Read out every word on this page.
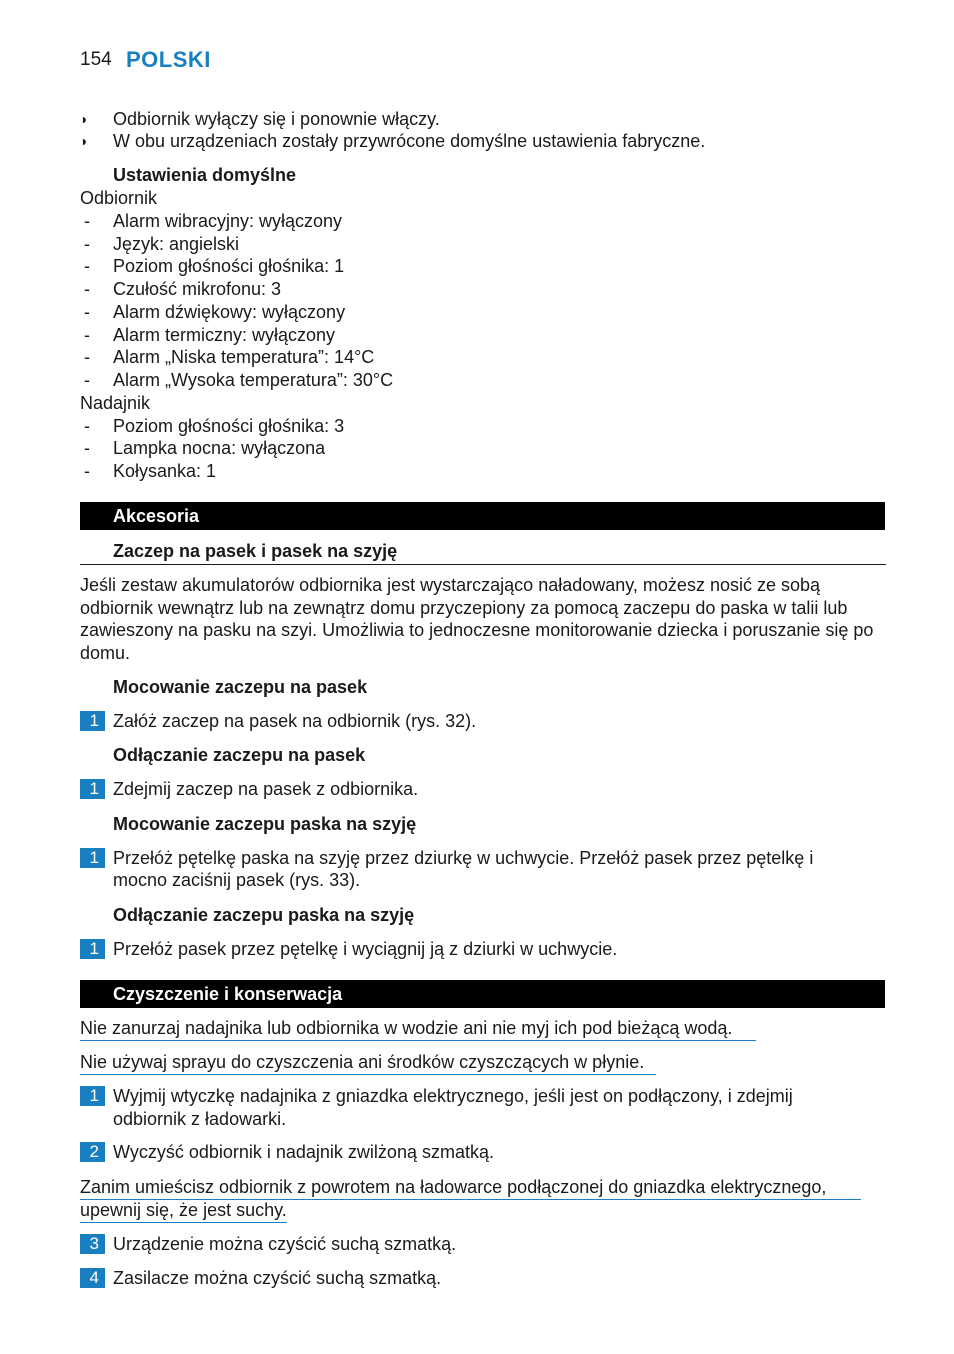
154 POLSKI
◗ Odbiornik wyłączy się i ponownie włączy.
◗ W obu urządzeniach zostały przywrócone domyślne ustawienia fabryczne.
Ustawienia domyślne
Odbiornik
- Alarm wibracyjny: wyłączony
- Język: angielski
- Poziom głośności głośnika: 1
- Czułość mikrofonu: 3
- Alarm dźwiękowy: wyłączony
- Alarm termiczny: wyłączony
- Alarm „Niska temperatura”: 14°C
- Alarm „Wysoka temperatura”: 30°C
Nadajnik
- Poziom głośności głośnika: 3
- Lampka nocna: wyłączona
- Kołysanka: 1
Akcesoria
Zaczep na pasek i pasek na szyję
Jeśli zestaw akumulatorów odbiornika jest wystarczająco naładowany, możesz nosić ze sobą
odbiornik wewnątrz lub na zewnątrz domu przyczepiony za pomocą zaczepu do paska w talii lub
zawieszony na pasku na szyi. Umożliwia to jednoczesne monitorowanie dziecka i poruszanie się po
domu.
Mocowanie zaczepu na pasek
1 Załóż zaczep na pasek na odbiornik (rys. 32).
Odłączanie zaczepu na pasek
1 Zdejmij zaczep na pasek z odbiornika.
Mocowanie zaczepu paska na szyję
1 Przełóż pętelkę paska na szyję przez dziurkę w uchwycie. Przełóż pasek przez pętelkę i
mocno zaciśnij pasek (rys. 33).
Odłączanie zaczepu paska na szyję
1 Przełóż pasek przez pętelkę i wyciągnij ją z dziurki w uchwycie.
Czyszczenie i konserwacja
Nie zanurzaj nadajnika lub odbiornika w wodzie ani nie myj ich pod bieżącą wodą.
Nie używaj sprayu do czyszczenia ani środków czyszczących w płynie.
1 Wyjmij wtyczkę nadajnika z gniazdka elektrycznego, jeśli jest on podłączony, i zdejmij
odbiornik z ładowarki.
2 Wyczyść odbiornik i nadajnik zwilżoną szmatką.
Zanim umieścisz odbiornik z powrotem na ładowarce podłączonej do gniazdka elektrycznego,
upewnij się, że jest suchy.
3 Urządzenie można czyścić suchą szmatką.
4 Zasilacze można czyścić suchą szmatką.
